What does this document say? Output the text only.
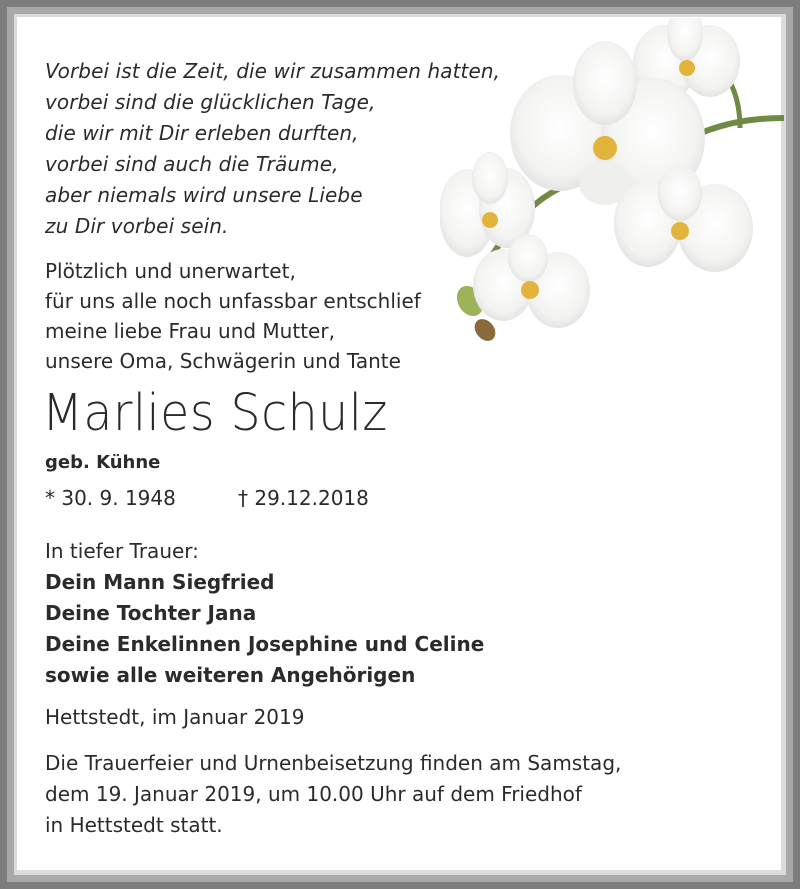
Vorbei ist die Zeit, die wir zusammen hatten,
vorbei sind die glücklichen Tage,
die wir mit Dir erleben durften,
vorbei sind auch die Träume,
aber niemals wird unsere Liebe
zu Dir vorbei sein.
Plötzlich und unerwartet,
für uns alle noch unfassbar entschlief
meine liebe Frau und Mutter,
unsere Oma, Schwägerin und Tante
Marlies Schulz
geb. Kühne
* 30. 9. 1948	† 29.12.2018
In tiefer Trauer:
Dein Mann Siegfried
Deine Tochter Jana
Deine Enkelinnen Josephine und Celine
sowie alle weiteren Angehörigen
Hettstedt, im Januar 2019
Die Trauerfeier und Urnenbeisetzung finden am Samstag,
dem 19. Januar 2019, um 10.00 Uhr auf dem Friedhof
in Hettstedt statt.
